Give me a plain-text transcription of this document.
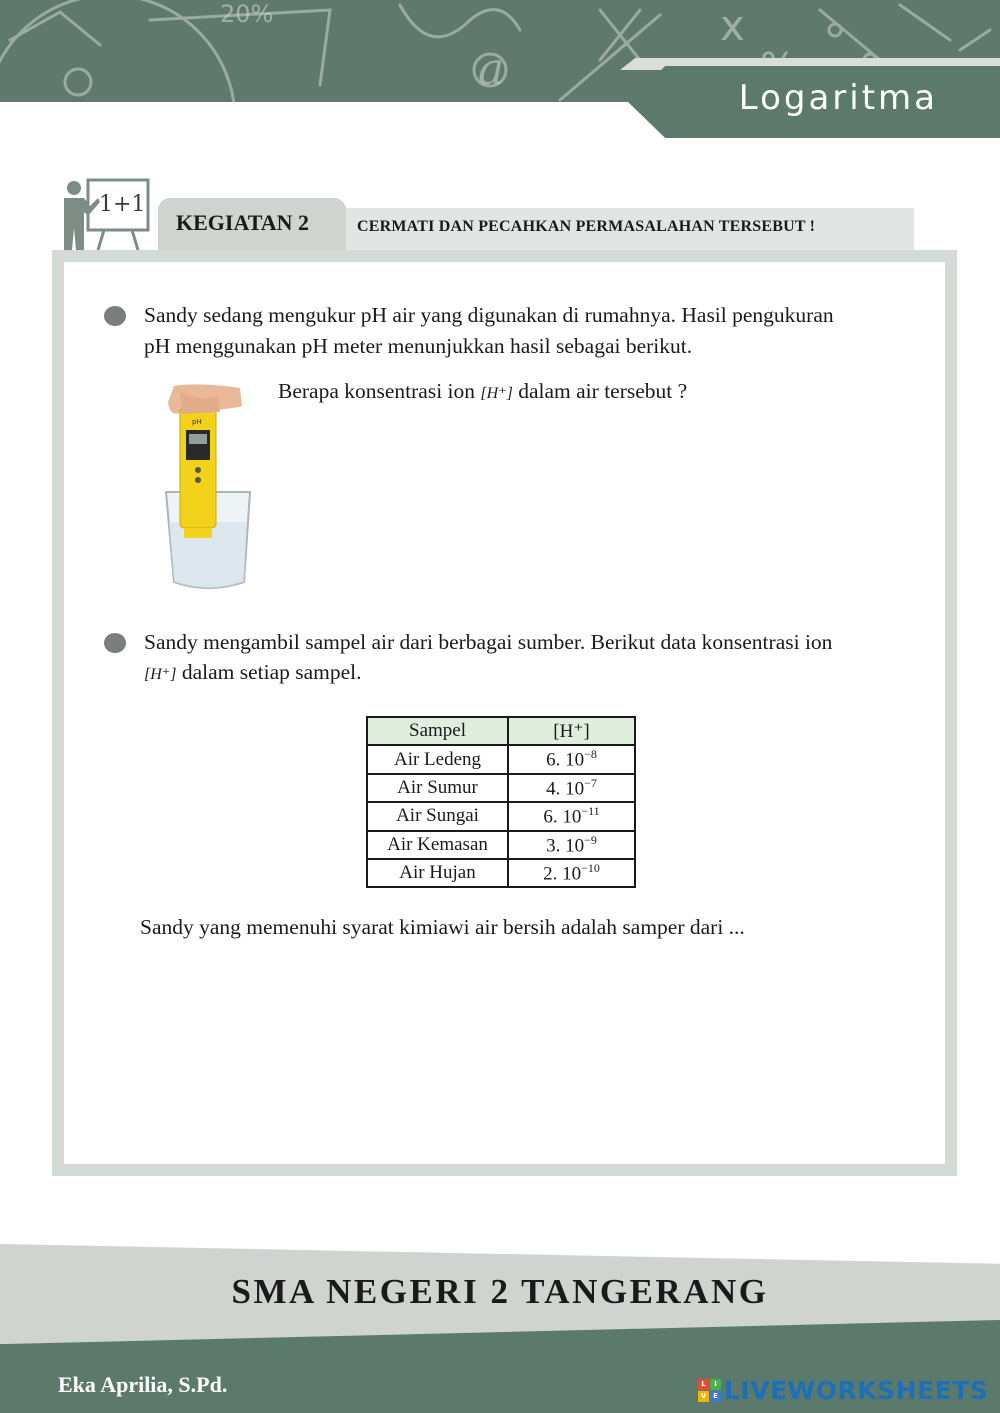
20%
a
x
Logaritma
1+1
KEGIATAN 2	CERMATI DAN PECAHKAN PERMASALAHAN TERSEBUT !
Sandy sedang mengukur pH air yang digunakan di rumahnya. Hasil pengukuran
pH menggunakan pH meter menunjukkan hasil sebagai berikut.
pH
Berapa konsentrasi ion [H⁺] dalam air tersebut ?
Sandy mengambil sampel air dari berbagai sumber. Berikut data konsentrasi ion
[H⁺] dalam setiap sampel.
Sampel	[H⁺]
Air Ledeng	6. $10^{-8}$
Air Sumur	4. $10^{-7}$
Air Sungai	6. $10^{-11}$
Air Kemasan	3. $10^{-9}$
Air Hujan	2. $10^{-10}$
Sandy yang memenuhi syarat kimiawi air bersih adalah samper dari ...
SMA NEGERI 2 TANGERANG
Eka Aprilia, S.Pd.	L	I
V E LIVEWORKSHEETS
